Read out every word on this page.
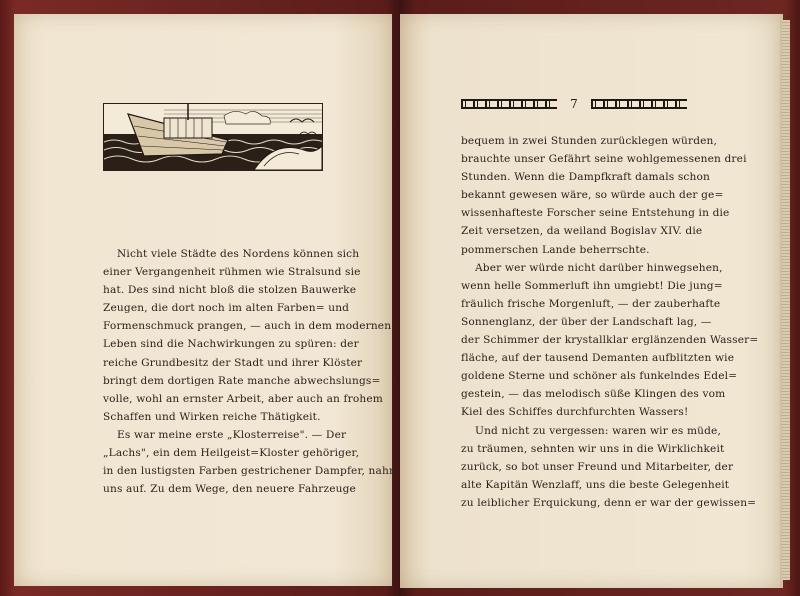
7

Nicht viele Städte des Nordens können sich
einer Vergangenheit rühmen wie Stralsund sie
hat. Des sind nicht bloß die stolzen Bauwerke
Zeugen, die dort noch im alten Farben= und
Formenschmuck prangen, — auch in dem modernen
Leben sind die Nachwirkungen zu spüren: der
reiche Grundbesitz der Stadt und ihrer Klöster
bringt dem dortigen Rate manche abwechslungs=
volle, wohl an ernster Arbeit, aber auch an frohem
Schaffen und Wirken reiche Thätigkeit.

Es war meine erste „Klosterreise". — Der
„Lachs", ein dem Heilgeist=Kloster gehöriger,
in den lustigsten Farben gestrichener Dampfer, nahm
uns auf. Zu dem Wege, den neuere Fahrzeuge

bequem in zwei Stunden zurücklegen würden,
brauchte unser Gefährt seine wohlgemessenen drei
Stunden. Wenn die Dampfkraft damals schon
bekannt gewesen wäre, so würde auch der ge=
wissenhafteste Forscher seine Entstehung in die
Zeit versetzen, da weiland Bogislav XIV. die
pommerschen Lande beherrschte.

Aber wer würde nicht darüber hinwegsehen,
wenn helle Sommerluft ihn umgiebt! Die jung=
fräulich frische Morgenluft, — der zauberhafte
Sonnenglanz, der über der Landschaft lag, —
der Schimmer der krystallklar erglänzenden Wasser=
fläche, auf der tausend Demanten aufblitzten wie
goldene Sterne und schöner als funkelndes Edel=
gestein, — das melodisch süße Klingen des vom
Kiel des Schiffes durchfurchten Wassers!

Und nicht zu vergessen: waren wir es müde,
zu träumen, sehnten wir uns in die Wirklichkeit
zurück, so bot unser Freund und Mitarbeiter, der
alte Kapitän Wenzlaff, uns die beste Gelegenheit
zu leiblicher Erquickung, denn er war der gewissen=
